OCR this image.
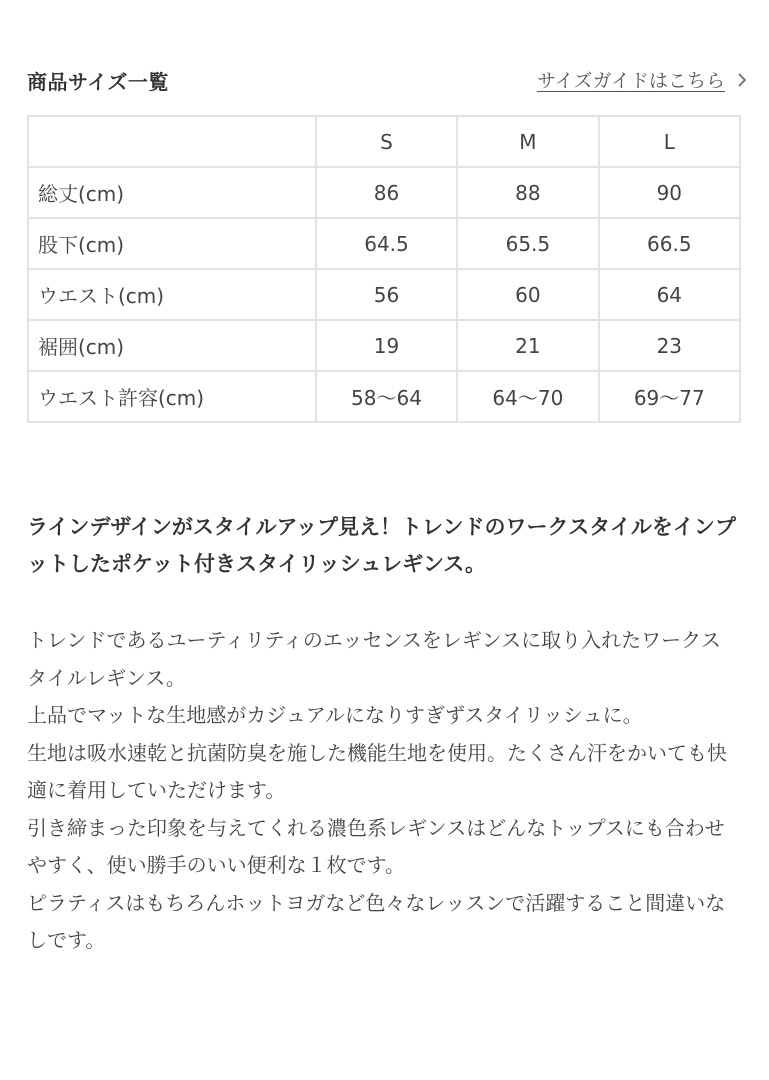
商品サイズ一覧	サイズガイドはこちら
	S	M	L
総丈(cm)	86	88	90
股下(cm)	64.5	65.5	66.5
ウエスト(cm)	56	60	64
裾囲(cm)	19	21	23
ウエスト許容(cm)	58〜64	64〜70	69〜77
ラインデザインがスタイルアップ見え！トレンドのワークスタイルをインプットしたポケット付きスタイリッシュレギンス。

トレンドであるユーティリティのエッセンスをレギンスに取り入れたワークスタイルレギンス。

上品でマットな生地感がカジュアルになりすぎずスタイリッシュに。

生地は吸水速乾と抗菌防臭を施した機能生地を使用。たくさん汗をかいても快適に着用していただけます。

引き締まった印象を与えてくれる濃色系レギンスはどんなトップスにも合わせやすく、使い勝手のいい便利な１枚です。

ピラティスはもちろんホットヨガなど色々なレッスンで活躍すること間違いなしです。
